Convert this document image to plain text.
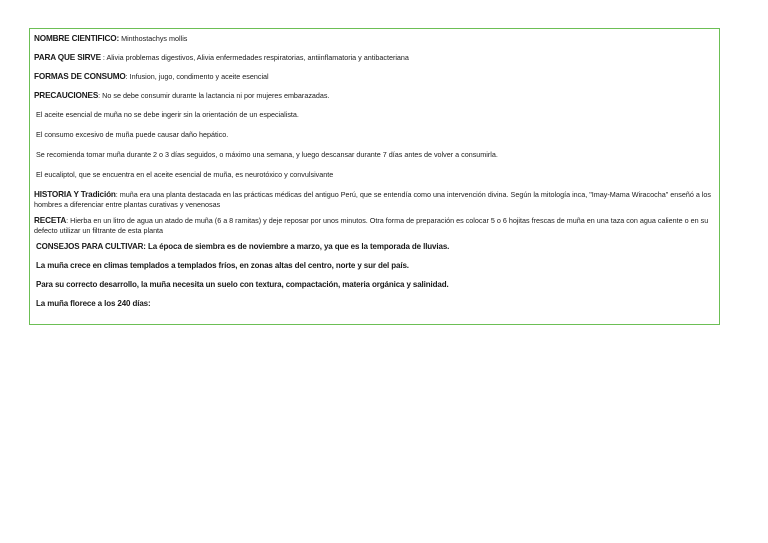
NOMBRE CIENTIFICO: Minthostachys mollis

PARA QUE SIRVE : Alivia problemas digestivos, Alivia enfermedades respiratorias, antiinflamatoria y antibacteriana

FORMAS DE CONSUMO: Infusion, jugo, condimento y aceite esencial

PRECAUCIONES: No se debe consumir durante la lactancia ni por mujeres embarazadas.

El aceite esencial de muña no se debe ingerir sin la orientación de un especialista.

El consumo excesivo de muña puede causar daño hepático.

Se recomienda tomar muña durante 2 o 3 días seguidos, o máximo una semana, y luego descansar durante 7 días antes de volver a consumirla.

El eucaliptol, que se encuentra en el aceite esencial de muña, es neurotóxico y convulsivante

HISTORIA Y Tradición: muña era una planta destacada en las prácticas médicas del antiguo Perú, que se entendía como una intervención divina. Según la mitología inca, "Imay-Mama Wiracocha" enseñó a los hombres a diferenciar entre plantas curativas y venenosas

RECETA: Hierba en un litro de agua un atado de muña (6 a 8 ramitas) y deje reposar por unos minutos. Otra forma de preparación es colocar 5 o 6 hojitas frescas de muña en una taza con agua caliente o en su defecto utilizar un filtrante de esta planta

CONSEJOS PARA CULTIVAR: La época de siembra es de noviembre a marzo, ya que es la temporada de lluvias.

La muña crece en climas templados a templados fríos, en zonas altas del centro, norte y sur del país.

Para su correcto desarrollo, la muña necesita un suelo con textura, compactación, materia orgánica y salinidad.

La muña florece a los 240 días:
